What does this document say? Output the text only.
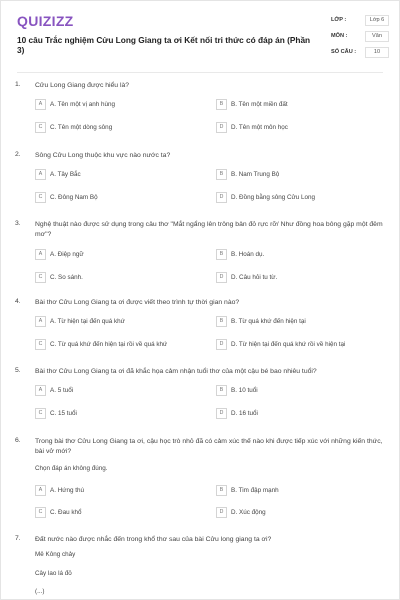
QUIZIZZ
10 câu Trắc nghiệm Cửu Long Giang ta ơi Kết nối tri thức có đáp án (Phần 3)
LỚP :	Lớp 6
MÔN :	Văn
SỐ CÂU :	10
1. Cửu Long Giang được hiểu là?
A	A. Tên một vị anh hùng	B	B. Tên một miền đất
C	C. Tên một dòng sông	D	D. Tên một môn học
2. Sông Cửu Long thuộc khu vực nào nước ta?
A	A. Tây Bắc	B	B. Nam Trung Bộ
C	C. Đông Nam Bộ	D	D. Đồng bằng sông Cửu Long
3. Nghệ thuật nào được sử dụng trong câu thơ "Mắt ngẩng lên trông bản đỏ rực rỡ/ Như đồng hoa bông gặp một đêm mơ"?
A	A. Điệp ngữ	B	B. Hoán dụ.
C	C. So sánh.	D	D. Câu hỏi tu từ.
4. Bài thơ Cửu Long Giang ta ơi được viết theo trình tự thời gian nào?
A	A. Từ hiện tại đến quá khứ	B	B. Từ quá khứ đến hiện tại
C	C. Từ quá khứ đến hiện tại rồi về quá khứ	D	D. Từ hiện tại đến quá khứ rồi về hiện tại
5. Bài thơ Cửu Long Giang ta ơi đã khắc họa cảm nhận tuổi thơ của một cậu bé bao nhiêu tuổi?
A	A. 5 tuổi	B	B. 10 tuổi
C	C. 15 tuổi	D	D. 16 tuổi
6. Trong bài thơ Cửu Long Giang ta ơi, cậu học trò nhỏ đã có cảm xúc thế nào khi được tiếp xúc với những kiến thức, bài vở mới?
Chọn đáp án không đúng.
A	A. Hứng thú	B	B. Tim đập mạnh
C	C. Đau khổ	D	D. Xúc động
7. Đất nước nào được nhắc đến trong khổ thơ sau của bài Cửu long giang ta ơi?
Mê Kông chảy
Cây lao lá đỏ
(...)
